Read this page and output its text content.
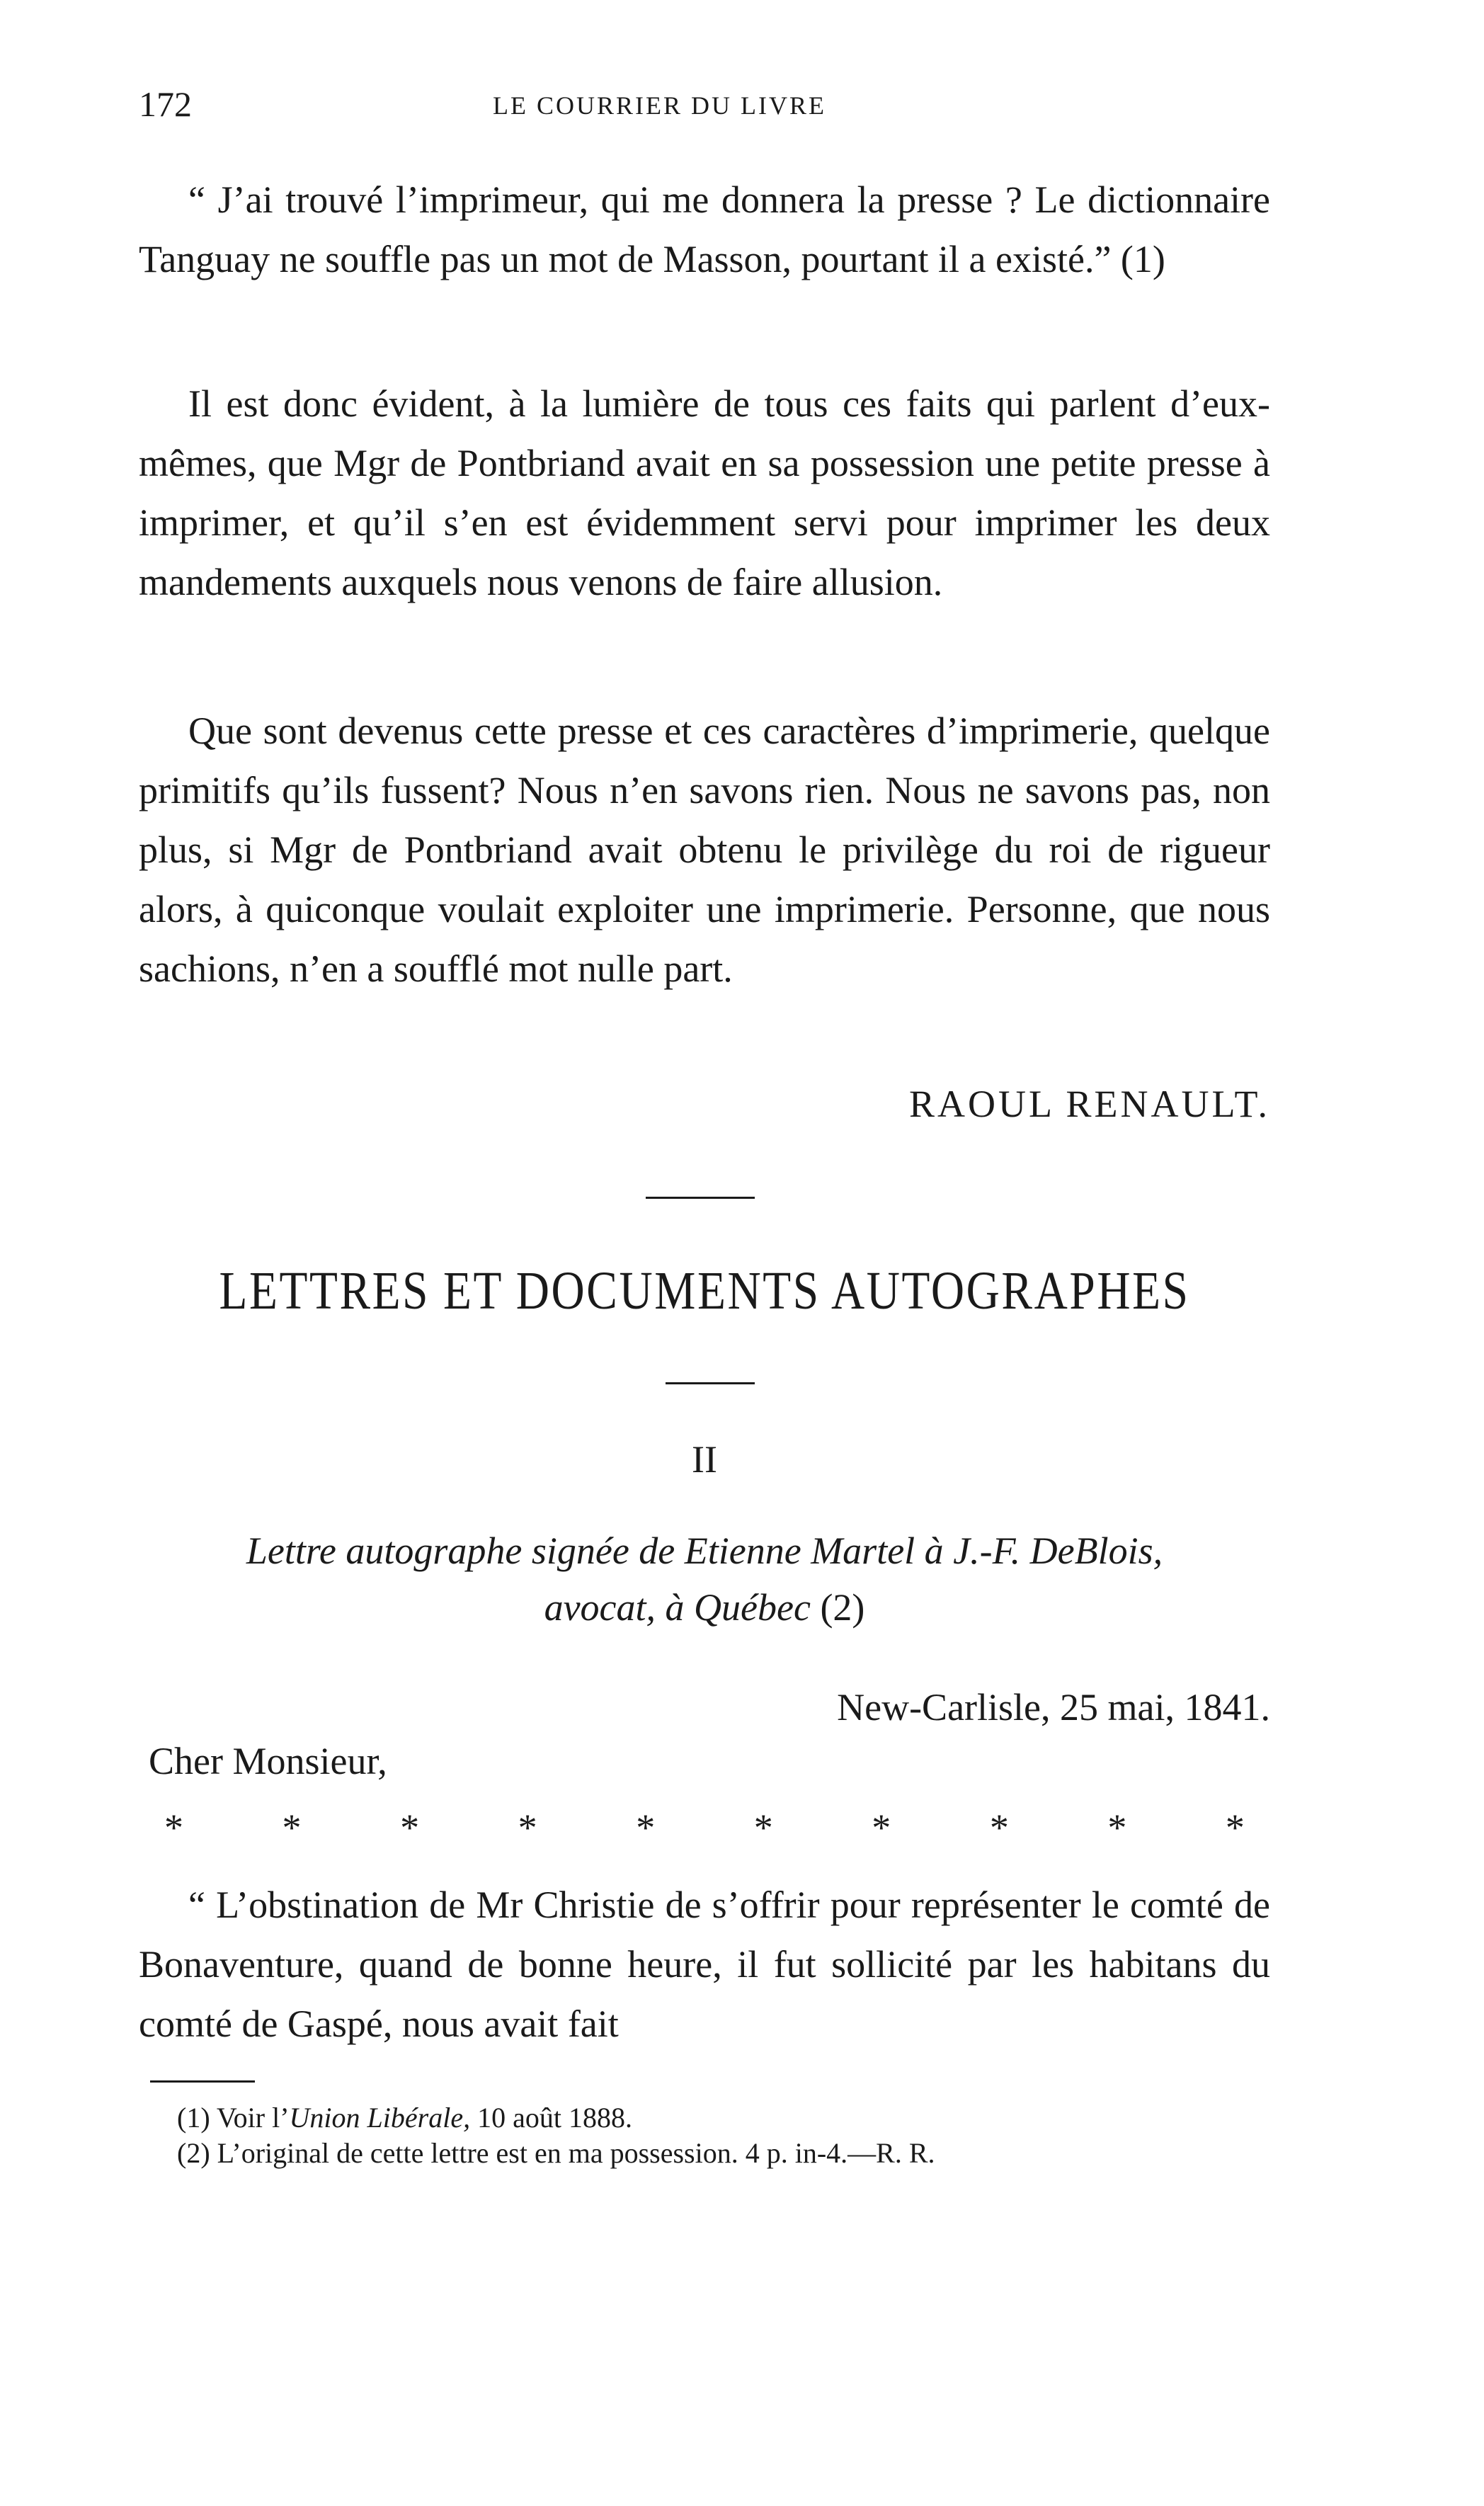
172	LE COURRIER DU LIVRE

“ J’ai trouvé l’imprimeur, qui me donnera la presse ? Le dictionnaire Tanguay ne souffle pas un mot de Masson, pourtant il a existé.” (1)

Il est donc évident, à la lumière de tous ces faits qui parlent d’eux-mêmes, que Mgr de Pontbriand avait en sa possession une petite presse à imprimer, et qu’il s’en est évidemment servi pour imprimer les deux mandements auxquels nous venons de faire allusion.

Que sont devenus cette presse et ces caractères d’imprimerie, quelque primitifs qu’ils fussent? Nous n’en savons rien. Nous ne savons pas, non plus, si Mgr de Pontbriand avait obtenu le privilège du roi de rigueur alors, à quiconque voulait exploiter une imprimerie. Personne, que nous sachions, n’en a soufflé mot nulle part.

RAOUL RENAULT.
LETTRES ET DOCUMENTS AUTOGRAPHES
II
Lettre autographe signée de Etienne Martel à J.-F. DeBlois,
avocat, à Québec (2)
New-Carlisle, 25 mai, 1841.
Cher Monsieur,
*	*	*	*	*	*	*	*	*	*

“ L’obstination de Mr Christie de s’offrir pour représenter le comté de Bonaventure, quand de bonne heure, il fut sollicité par les habitans du comté de Gaspé, nous avait fait

(1) Voir l’Union Libérale, 10 août 1888.
(2) L’original de cette lettre est en ma possession. 4 p. in-4.—R. R.
